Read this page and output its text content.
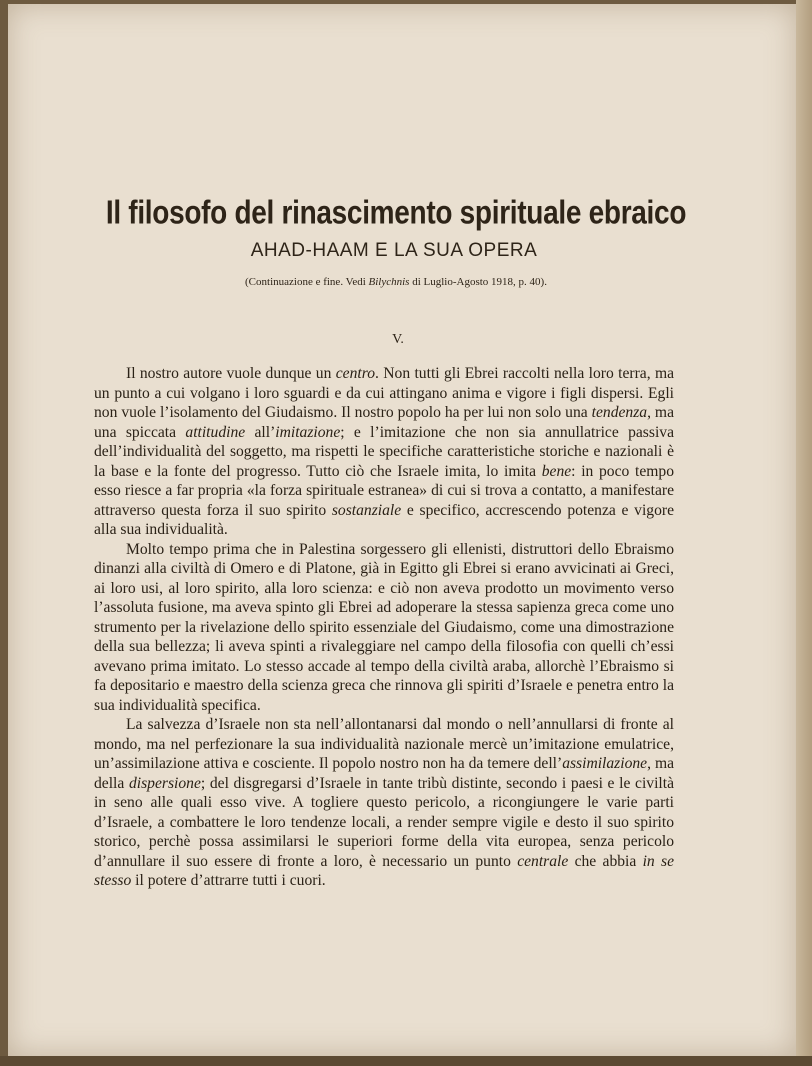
Il filosofo del rinascimento spirituale ebraico
AHAD-HAAM E LA SUA OPERA
(Continuazione e fine. Vedi Bilychnis di Luglio-Agosto 1918, p. 40).
V.

Il nostro autore vuole dunque un centro. Non tutti gli Ebrei raccolti nella loro terra, ma un punto a cui volgano i loro sguardi e da cui attingano anima e vigore i figli dispersi. Egli non vuole l’isolamento del Giudaismo. Il nostro popolo ha per lui non solo una tendenza, ma una spiccata attitudine all’imitazione; e l’imitazione che non sia annullatrice passiva dell’individualità del soggetto, ma rispetti le specifiche caratteristiche storiche e nazionali è la base e la fonte del progresso. Tutto ciò che Israele imita, lo imita bene: in poco tempo esso riesce a far propria «la forza spirituale estranea» di cui si trova a contatto, a manifestare attraverso questa forza il suo spirito sostanziale e specifico, accrescendo potenza e vigore alla sua individualità.

Molto tempo prima che in Palestina sorgessero gli ellenisti, distruttori dello Ebraismo dinanzi alla civiltà di Omero e di Platone, già in Egitto gli Ebrei si erano avvicinati ai Greci, ai loro usi, al loro spirito, alla loro scienza: e ciò non aveva prodotto un movimento verso l’assoluta fusione, ma aveva spinto gli Ebrei ad adoperare la stessa sapienza greca come uno strumento per la rivelazione dello spirito essenziale del Giudaismo, come una dimostrazione della sua bellezza; li aveva spinti a rivaleggiare nel campo della filosofia con quelli ch’essi avevano prima imitato. Lo stesso accade al tempo della civiltà araba, allorchè l’Ebraismo si fa depositario e maestro della scienza greca che rinnova gli spiriti d’Israele e penetra entro la sua individualità specifica.

La salvezza d’Israele non sta nell’allontanarsi dal mondo o nell’annullarsi di fronte al mondo, ma nel perfezionare la sua individualità nazionale mercè un’imitazione emulatrice, un’assimilazione attiva e cosciente. Il popolo nostro non ha da temere dell’assimilazione, ma della dispersione; del disgregarsi d’Israele in tante tribù distinte, secondo i paesi e le civiltà in seno alle quali esso vive. A togliere questo pericolo, a ricongiungere le varie parti d’Israele, a combattere le loro tendenze locali, a render sempre vigile e desto il suo spirito storico, perchè possa assimilarsi le superiori forme della vita europea, senza pericolo d’annullare il suo essere di fronte a loro, è necessario un punto centrale che abbia in se stesso il potere d’attrarre tutti i cuori.
